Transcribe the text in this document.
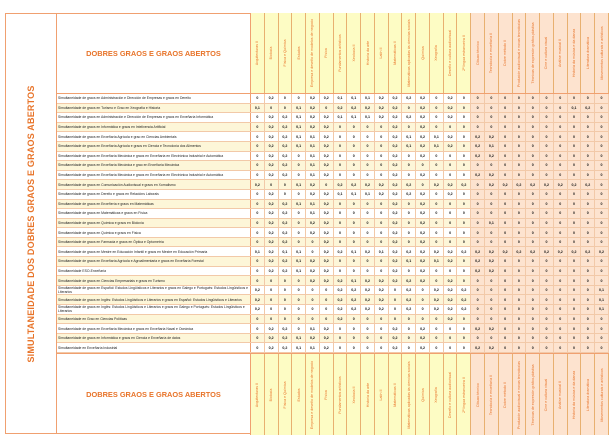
SIMULTANEIDADE DOS DOBRES GRAOS E GRAOS ABERTOS
DOBRES GRAOS E GRAOS ABERTOS	Arquitecturas II	Bioloxía	Física e Química	Estudos	Empresa e deseño de modelos de negocio	Física	Fundamentos artísticos	Xeoloxía II	Historia da arte	Latín II	Matemáticas II	Matemáticas aplicadas ás ciencias sociais	Química	Xeografía	Deseño e cultura audiovisual	2ª lingua estranxeira II	Dibuxo técnico	Tecnoloxía e enxeñaría II	Dobre método II	Produción audiovisual e novas tecnoloxías	Técnicas de expresión gráfico-plástica	Cine e cultura visual	Análise musical II	Historia da música e da danza	Literatura dramática	Movementos culturais e artísticos
Simultaneidade de graos en Administración e Dirección de Empresas e graos en Dereito	0	0,2	0	0	0,2	0,2	0,1	0,1	0,1	0,2	0,2	0,2	0,2	0	0,2	0	0	0	0	0	0	0	0	0	0	0
Simultaneidade de graos en Turismo e Grao en Xeografía e Historia	0,1	0	0	0,1	0,2	0	0,2	0,2	0,2	0,2	0,2	0	0,2	0	0,2	0	0	0	0	0	0	0	0	0,1	0,2	0
Simultaneidade de graos en Administración e Dirección de Empresas e graos en Enxeñaría Informática	0	0,2	0,2	0,1	0,2	0,2	0,1	0,1	0,1	0,2	0,2	0,2	0,2	0	0,2	0	0	0	0	0	0	0	0	0	0	0
Simultaneidade de graos en Informática e graos en Intelixencia Artificial	0	0,2	0,2	0,1	0,2	0,2	0	0	0	0	0,2	0	0,2	0	0	0	0	0	0	0	0	0	0	0	0	0
Simultaneidade de graos en Enxeñaría Agrícola e grao en Ciencias Ambientais	0	0,2	0,2	0,1	0,1	0,2	0	0	0	0	0,2	0,1	0,2	0,1	0,2	0	0,2	0,2	0	0	0	0	0	0	0	0
Simultaneidade de graos en Enxeñaría Agrícola e graos en Ciencia e Tecnoloxía dos Alimentos	0	0,2	0,2	0,1	0,1	0,2	0	0	0	0	0,2	0,1	0,2	0,1	0,2	0	0,2	0,1	0	0	0	0	0	0	0	0
Simultaneidade de graos en Enxeñaría Mecánica e graos en Enxeñaría en Electrónica Industrial e Automática	0	0,2	0,2	0	0,1	0,2	0	0	0	0	0,2	0	0,2	0	0	0	0,2	0,2	0	0	0	0	0	0	0	0
Simultaneidade de graos en Enxeñaría Mecánica e grao en Enxeñaría Mecánica	0	0,2	0,2	0	0,1	0,2	0	0	0	0	0,2	0	0	0	0	0	0	0	0	0	0	0	0	0	0	0
Simultaneidade de graos en Enxeñaría Mecánica e graos en Enxeñaría en Electrónica Industrial e Automática	0	0,2	0,2	0	0,1	0,2	0	0	0	0	0,2	0	0,2	0	0	0	0,2	0,2	0	0	0	0	0	0	0	0
Simultaneidade de graos en Comunicación Audiovisual e graos en Xornalismo	0,2	0	0	0,1	0,2	0	0,2	0,2	0,2	0,2	0,2	0,2	0	0,2	0,2	0,2	0	0,2	0,2	0,2	0,2	0,2	0,2	0,2	0,2	0
Simultaneidade de graos en Dereito e graos en Relacións Laborais	0	0,2	0	0	0,2	0,2	0,1	0,1	0,1	0,2	0,2	0,2	0,2	0	0,2	0	0	0	0	0	0	0	0	0	0	0
Simultaneidade de graos en Enxeñería e graos en Matemáticas	0	0,2	0,2	0,1	0,1	0,2	0	0	0	0	0,2	0	0,2	0	0	0	0	0	0	0	0	0	0	0	0	0
Simultaneidade de graos en Matemáticas e graos en Física	0	0,2	0,2	0	0,1	0,2	0	0	0	0	0,2	0	0,2	0	0	0	0	0	0	0	0	0	0	0	0	0
Simultaneidade de graos en Química e graos en Bioloxía	0	0,2	0,2	0	0,2	0,2	0	0	0	0	0,2	0	0,2	0	0	0	0	0,1	0	0	0	0	0	0	0	0
Simultaneidade de graos en Química e graos en Física	0	0,2	0,2	0	0,2	0,2	0	0	0	0	0,2	0	0,2	0	0	0	0	0	0	0	0	0	0	0	0	0
Simultaneidade de graos en Farmacia e graos en Óptica e Optometría	0	0,2	0,2	0	0	0,2	0	0	0	0	0,2	0	0,2	0	0	0	0	0	0	0	0	0	0	0	0	0
Simultaneidade de graos en Mestre en Educación Infantil e graos en Mestre en Educación Primaria	0,1	0,2	0,1	0,1	0	0,2	0,2	0,1	0,2	0,1	0,2	0,2	0,2	0,2	0,2	0,2	0,2	0,2	0,2	0,2	0,2	0,2	0,2	0,2	0,2	0,2
Simultaneidade de graos en Enxeñaría Agrícola e Agroalimentaria e graos en Enxeñaría Forestal	0	0,2	0,2	0,1	0,2	0,2	0	0	0	0	0,2	0,1	0,2	0,1	0,2	0	0,2	0,2	0	0	0	0	0	0	0	0
Simultaneidade ESO-Enxeñaría	0	0,2	0,2	0,1	0,2	0,2	0	0	0	0	0,2	0	0,2	0	0	0	0,2	0,2	0	0	0	0	0	0	0	0
Simultaneidade de graos en Ciencias Empresariais e graos en Turismo	0	0	0	0	0,2	0,2	0,2	0,1	0,2	0,2	0,2	0,2	0,2	0	0,2	0	0	0	0	0	0	0	0	0	0	0
Simultaneidade de graos en Español: Estudos Lingüísticos e Literarios e graos en Galego e Portugués: Estudos Lingüísticos e Literarios	0,2	0	0	0	0	0	0,2	0,2	0,2	0,2	0	0,2	0	0,2	0,2	0,2	0	0	0	0	0	0	0	0	0	0,1
Simultaneidade de graos en Inglés: Estudos Lingüísticos e Literarios e graos en Español: Estudos Lingüísticos e Literarios	0,2	0	0	0	0	0	0,2	0,2	0,2	0,2	0	0,2	0	0,2	0,2	0,2	0	0	0	0	0	0	0	0	0	0,1
Simultaneidade de graos en Inglés: Estudos Lingüísticos e Literarios e graos en Galego e Portugués: Estudos Lingüísticos e Literarios	0,2	0	0	0	0	0	0,2	0,2	0,2	0,2	0	0,2	0	0,2	0,2	0,2	0	0	0	0	0	0	0	0	0	0,1
Simultaneidade en Grao en Ciencias Políticas	0	0	0	0	0	0	0,2	0	0	0	0	0	0	0	0,2	0	0	0	0	0	0	0	0	0	0	0
Simultaneidade de graos en Enxeñaría Mecánica e graos en Enxeñaría Naval e Oceánica	0	0,2	0,2	0	0,1	0,2	0	0	0	0	0,2	0	0,2	0	0	0	0,2	0,2	0	0	0	0	0	0	0	0
Simultaneidade de graos en Informática e graos en Ciencia e Enxeñaría de datos	0	0,2	0,2	0,1	0,2	0,2	0	0	0	0	0,2	0	0,2	0	0	0	0	0	0	0	0	0	0	0	0	0
Simultaneidade en Enxeñaría Industrial	0	0,2	0,2	0,1	0,1	0,2	0	0	0	0	0,2	0	0,2	0	0	0	0,2	0,2	0	0	0	0	0	0	0	0
DOBRES GRAOS E GRAOS ABERTOS	Arquitecturas II	Bioloxía	Física e Química	Estudos	Empresa e deseño de modelos de negocio	Física	Fundamentos artísticos	Xeoloxía II	Historia da arte	Latín II	Matemáticas II	Matemáticas aplicadas ás ciencias sociais	Química	Xeografía	Deseño e cultura audiovisual	2ª lingua estranxeira II	Dibuxo técnico	Tecnoloxía e enxeñaría II	Dobre método II	Produción audiovisual e novas tecnoloxías	Técnicas de expresión gráfico-plástica	Cine e cultura visual	Análise musical II	Historia da música e da danza	Literatura dramática	Movementos culturais e artísticos
